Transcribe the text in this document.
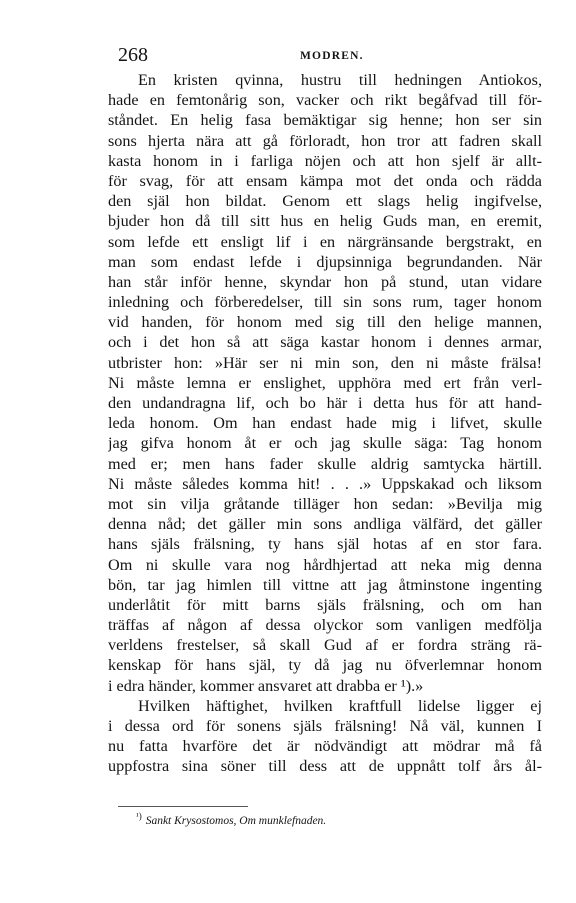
268	MODREN.
En kristen qvinna, hustru till hedningen Antiokos,
hade en femtonårig son, vacker och rikt begåfvad till för-
ståndet. En helig fasa bemäktigar sig henne; hon ser sin
sons hjerta nära att gå förloradt, hon tror att fadren skall
kasta honom in i farliga nöjen och att hon sjelf är allt-
för svag, för att ensam kämpa mot det onda och rädda
den själ hon bildat. Genom ett slags helig ingifvelse,
bjuder hon då till sitt hus en helig Guds man, en eremit,
som lefde ett ensligt lif i en närgränsande bergstrakt, en
man som endast lefde i djupsinniga begrundanden. När
han står inför henne, skyndar hon på stund, utan vidare
inledning och förberedelser, till sin sons rum, tager honom
vid handen, för honom med sig till den helige mannen,
och i det hon så att säga kastar honom i dennes armar,
utbrister hon: »Här ser ni min son, den ni måste frälsa!
Ni måste lemna er enslighet, upphöra med ert från verl-
den undandragna lif, och bo här i detta hus för att hand-
leda honom. Om han endast hade mig i lifvet, skulle
jag gifva honom åt er och jag skulle säga: Tag honom
med er; men hans fader skulle aldrig samtycka härtill.
Ni måste således komma hit! . . .» Uppskakad och liksom
mot sin vilja gråtande tilläger hon sedan: »Bevilja mig
denna nåd; det gäller min sons andliga välfärd, det gäller
hans själs frälsning, ty hans själ hotas af en stor fara.
Om ni skulle vara nog hårdhjertad att neka mig denna
bön, tar jag himlen till vittne att jag åtminstone ingenting
underlåtit för mitt barns själs frälsning, och om han
träffas af någon af dessa olyckor som vanligen medfölja
verldens frestelser, så skall Gud af er fordra sträng rä-
kenskap för hans själ, ty då jag nu öfverlemnar honom
i edra händer, kommer ansvaret att drabba er ¹).»
Hvilken häftighet, hvilken kraftfull lidelse ligger ej
i dessa ord för sonens själs frälsning! Nå väl, kunnen I
nu fatta hvarföre det är nödvändigt att mödrar må få
uppfostra sina söner till dess att de uppnått tolf års ål-
$^{^1)}$ Sankt Krysostomos, Om munklefnaden.
